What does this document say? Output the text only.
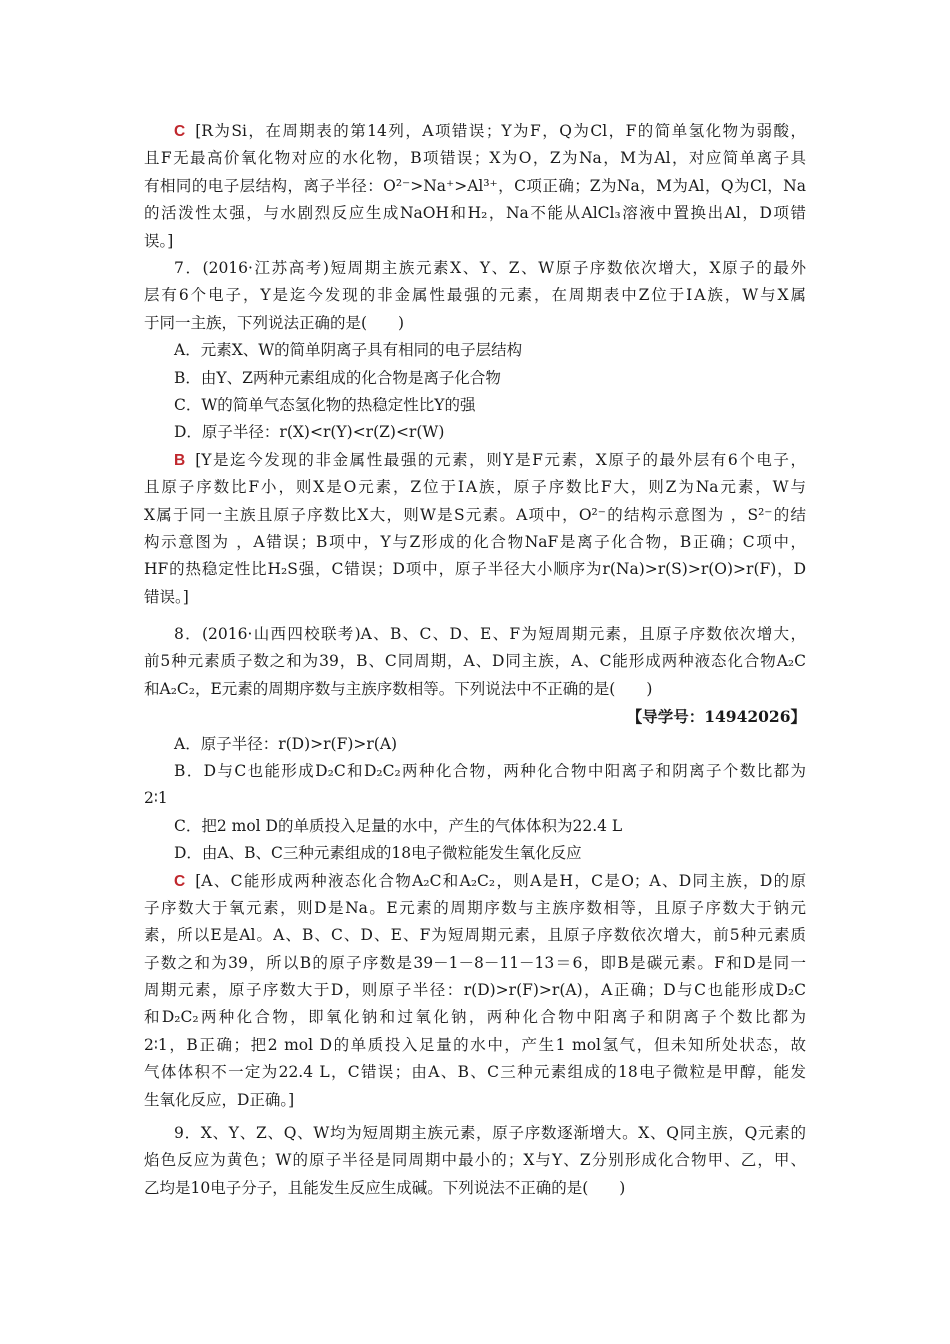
C [R为Si，在周期表的第14列，A项错误；Y为F，Q为Cl，F的简单氢化物为弱酸，
且F无最高价氧化物对应的水化物，B项错误；X为O，Z为Na，M为Al，对应简单离子具
有相同的电子层结构，离子半径：O²⁻>Na⁺>Al³⁺，C项正确；Z为Na，M为Al，Q为Cl，Na
的活泼性太强，与水剧烈反应生成NaOH和H₂，Na不能从AlCl₃溶液中置换出Al，D项错
误。]
7．(2016·江苏高考)短周期主族元素X、Y、Z、W原子序数依次增大，X原子的最外
层有6个电子，Y是迄今发现的非金属性最强的元素，在周期表中Z位于ⅠA族，W与X属
于同一主族，下列说法正确的是(　　)
A．元素X、W的简单阴离子具有相同的电子层结构
B．由Y、Z两种元素组成的化合物是离子化合物
C．W的简单气态氢化物的热稳定性比Y的强
D．原子半径：r(X)<r(Y)<r(Z)<r(W)
B [Y是迄今发现的非金属性最强的元素，则Y是F元素，X原子的最外层有6个电子，
且原子序数比F小，则X是O元素，Z位于ⅠA族，原子序数比F大，则Z为Na元素，W与
X属于同一主族且原子序数比X大，则W是S元素。A项中，O²⁻的结构示意图为 ，S²⁻的结
构示意图为 ，A错误；B项中，Y与Z形成的化合物NaF是离子化合物，B正确；C项中，
HF的热稳定性比H₂S强，C错误；D项中，原子半径大小顺序为r(Na)>r(S)>r(O)>r(F)，D
错误。]
8．(2016·山西四校联考)A、B、C、D、E、F为短周期元素，且原子序数依次增大，
前5种元素质子数之和为39，B、C同周期，A、D同主族，A、C能形成两种液态化合物A₂C
和A₂C₂，E元素的周期序数与主族序数相等。下列说法中不正确的是(　　)
【导学号：14942026】
A．原子半径：r(D)>r(F)>r(A)
B．D与C也能形成D₂C和D₂C₂两种化合物，两种化合物中阳离子和阴离子个数比都为
2∶1
C．把2 mol D的单质投入足量的水中，产生的气体体积为22.4 L
D．由A、B、C三种元素组成的18电子微粒能发生氧化反应
C [A、C能形成两种液态化合物A₂C和A₂C₂，则A是H，C是O；A、D同主族，D的原
子序数大于氧元素，则D是Na。E元素的周期序数与主族序数相等，且原子序数大于钠元
素，所以E是Al。A、B、C、D、E、F为短周期元素，且原子序数依次增大，前5种元素质
子数之和为39，所以B的原子序数是39－1－8－11－13＝6，即B是碳元素。F和D是同一
周期元素，原子序数大于D，则原子半径：r(D)>r(F)>r(A)，A正确；D与C也能形成D₂C
和D₂C₂两种化合物，即氧化钠和过氧化钠，两种化合物中阳离子和阴离子个数比都为
2∶1，B正确；把2 mol D的单质投入足量的水中，产生1 mol氢气，但未知所处状态，故
气体体积不一定为22.4 L，C错误；由A、B、C三种元素组成的18电子微粒是甲醇，能发
生氧化反应，D正确。]
9．X、Y、Z、Q、W均为短周期主族元素，原子序数逐渐增大。X、Q同主族，Q元素的
焰色反应为黄色；W的原子半径是同周期中最小的；X与Y、Z分别形成化合物甲、乙，甲、
乙均是10电子分子，且能发生反应生成碱。下列说法不正确的是(　　)
